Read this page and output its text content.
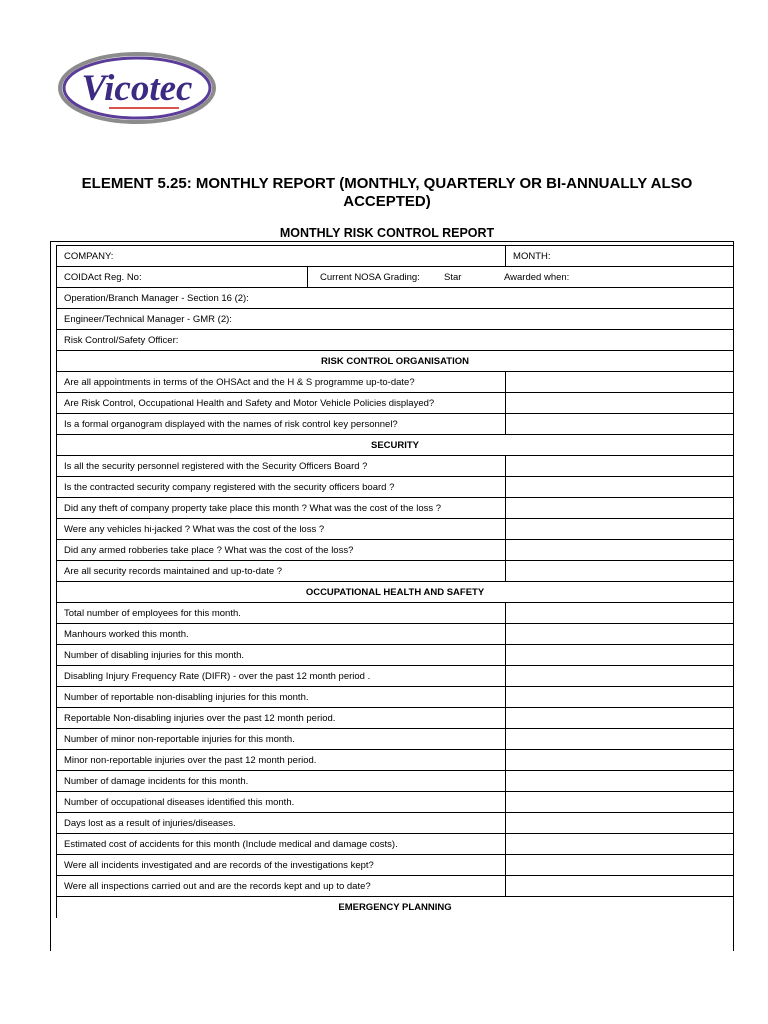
Vicotec
ELEMENT 5.25: MONTHLY REPORT (MONTHLY, QUARTERLY OR BI-ANNUALLY ALSO ACCEPTED)
MONTHLY RISK CONTROL REPORT
COMPANY:		MONTH:
COIDAct Reg. No:	Current NOSA Grading: Star Awarded when:	
Operation/Branch Manager - Section 16 (2):		
Engineer/Technical Manager - GMR (2):		
Risk Control/Safety Officer:		
RISK CONTROL ORGANISATION		
Are all appointments in terms of the OHSAct and the H & S programme up-to-date?		
Are Risk Control, Occupational Health and Safety and Motor Vehicle Policies displayed?		
Is a formal organogram displayed with the names of risk control key personnel?		
SECURITY		
Is all the security personnel registered with the Security Officers Board ?		
Is the contracted security company registered with the security officers board ?		
Did any theft of company property take place this month ? What was the cost of the loss ?		
Were any vehicles hi-jacked ? What was the cost of the loss ?		
Did any armed robberies take place ? What was the cost of the loss?		
Are all security records maintained and up-to-date ?		
OCCUPATIONAL HEALTH AND SAFETY		
Total number of employees for this month.		
Manhours worked this month.		
Number of disabling injuries for this month.		
Disabling Injury Frequency Rate (DIFR) - over the past 12 month period .		
Number of reportable non-disabling injuries for this month.		
Reportable Non-disabling injuries over the past 12 month period.		
Number of minor non-reportable injuries for this month.		
Minor non-reportable injuries over the past 12 month period.		
Number of damage incidents for this month.		
Number of occupational diseases identified this month.		
Days lost as a result of injuries/diseases.		
Estimated cost of accidents for this month (Include medical and damage costs).		
Were all incidents investigated and are records of the investigations kept?		
Were all inspections carried out and are the records kept and up to date?		
EMERGENCY PLANNING		
